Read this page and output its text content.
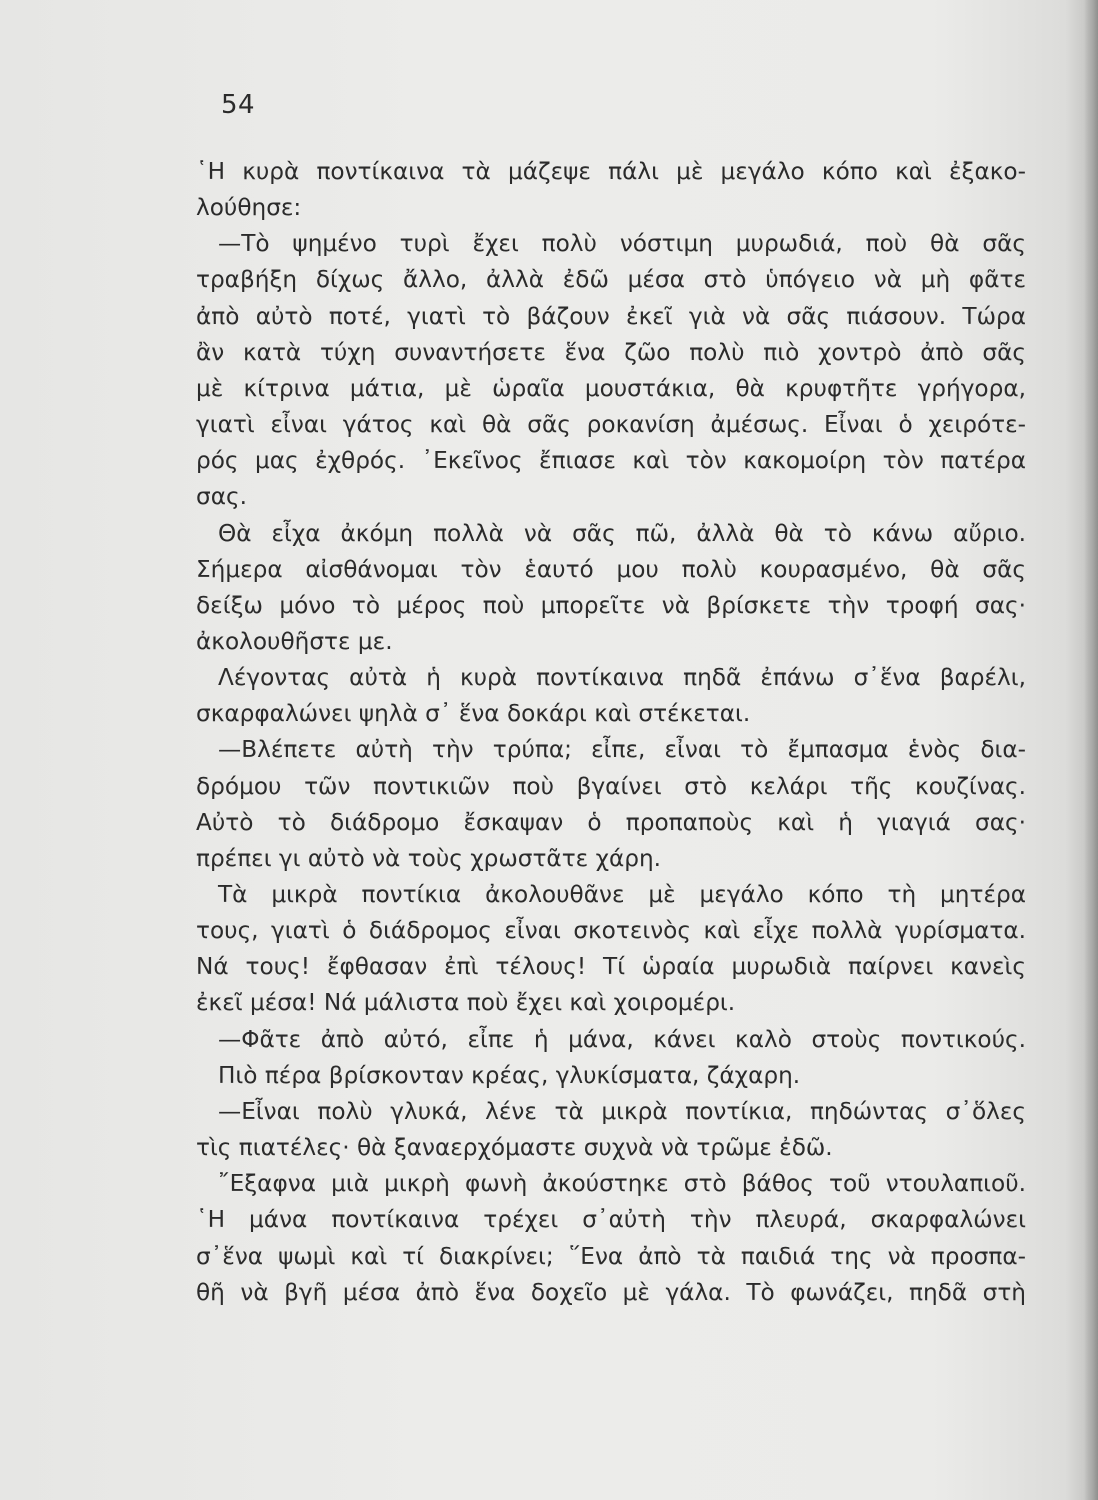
54
῾Η κυρὰ ποντίκαινα τὰ μάζεψε πάλι μὲ μεγάλο κόπο καὶ ἐξακο-
λούθησε:
—Τὸ ψημένο τυρὶ ἔχει πολὺ νόστιμη μυρωδιά, ποὺ θὰ σᾶς
τραβήξη δίχως ἄλλο, ἀλλὰ ἐδῶ μέσα στὸ ὑπόγειο νὰ μὴ φᾶτε
ἀπὸ αὐτὸ ποτέ, γιατὶ τὸ βάζουν ἐκεῖ γιὰ νὰ σᾶς πιάσουν. Τώρα
ἂν κατὰ τύχη συναντήσετε ἕνα ζῶο πολὺ πιὸ χοντρὸ ἀπὸ σᾶς
μὲ κίτρινα μάτια, μὲ ὡραῖα μουστάκια, θὰ κρυφτῆτε γρήγορα,
γιατὶ εἶναι γάτος καὶ θὰ σᾶς ροκανίση ἀμέσως. Εἶναι ὁ χειρότε-
ρός μας ἐχθρός. ᾽Εκεῖνος ἔπιασε καὶ τὸν κακομοίρη τὸν πατέρα
σας.
Θὰ εἶχα ἀκόμη πολλὰ νὰ σᾶς πῶ, ἀλλὰ θὰ τὸ κάνω αὔριο.
Σήμερα αἰσθάνομαι τὸν ἑαυτό μου πολὺ κουρασμένο, θὰ σᾶς
δείξω μόνο τὸ μέρος ποὺ μπορεῖτε νὰ βρίσκετε τὴν τροφή σας·
ἀκολουθῆστε με.
Λέγοντας αὐτὰ ἡ κυρὰ ποντίκαινα πηδᾶ ἐπάνω σ᾽ἕνα βαρέλι,
σκαρφαλώνει ψηλὰ σ᾽ ἕνα δοκάρι καὶ στέκεται.
—Βλέπετε αὐτὴ τὴν τρύπα; εἶπε, εἶναι τὸ ἔμπασμα ἑνὸς δια-
δρόμου τῶν ποντικιῶν ποὺ βγαίνει στὸ κελάρι τῆς κουζίνας.
Αὐτὸ τὸ διάδρομο ἔσκαψαν ὁ προπαποὺς καὶ ἡ γιαγιά σας·
πρέπει γι αὐτὸ νὰ τοὺς χρωστᾶτε χάρη.
Τὰ μικρὰ ποντίκια ἀκολουθᾶνε μὲ μεγάλο κόπο τὴ μητέρα
τους, γιατὶ ὁ διάδρομος εἶναι σκοτεινὸς καὶ εἶχε πολλὰ γυρίσματα.
Νά τους! ἔφθασαν ἐπὶ τέλους! Τί ὡραία μυρωδιὰ παίρνει κανεὶς
ἐκεῖ μέσα! Νά μάλιστα ποὺ ἔχει καὶ χοιρομέρι.
—Φᾶτε ἀπὸ αὐτό, εἶπε ἡ μάνα, κάνει καλὸ στοὺς ποντικούς.
Πιὸ πέρα βρίσκονταν κρέας, γλυκίσματα, ζάχαρη.
—Εἶναι πολὺ γλυκά, λένε τὰ μικρὰ ποντίκια, πηδώντας σ᾽ὅλες
τὶς πιατέλες· θὰ ξαναερχόμαστε συχνὰ νὰ τρῶμε ἐδῶ.
῎Εξαφνα μιὰ μικρὴ φωνὴ ἀκούστηκε στὸ βάθος τοῦ ντουλαπιοῦ.
῾Η μάνα ποντίκαινα τρέχει σ᾽αὐτὴ τὴν πλευρά, σκαρφαλώνει
σ᾽ἕνα ψωμὶ καὶ τί διακρίνει; ῞Ενα ἀπὸ τὰ παιδιά της νὰ προσπα-
θῆ νὰ βγῆ μέσα ἀπὸ ἕνα δοχεῖο μὲ γάλα. Τὸ φωνάζει, πηδᾶ στὴ
